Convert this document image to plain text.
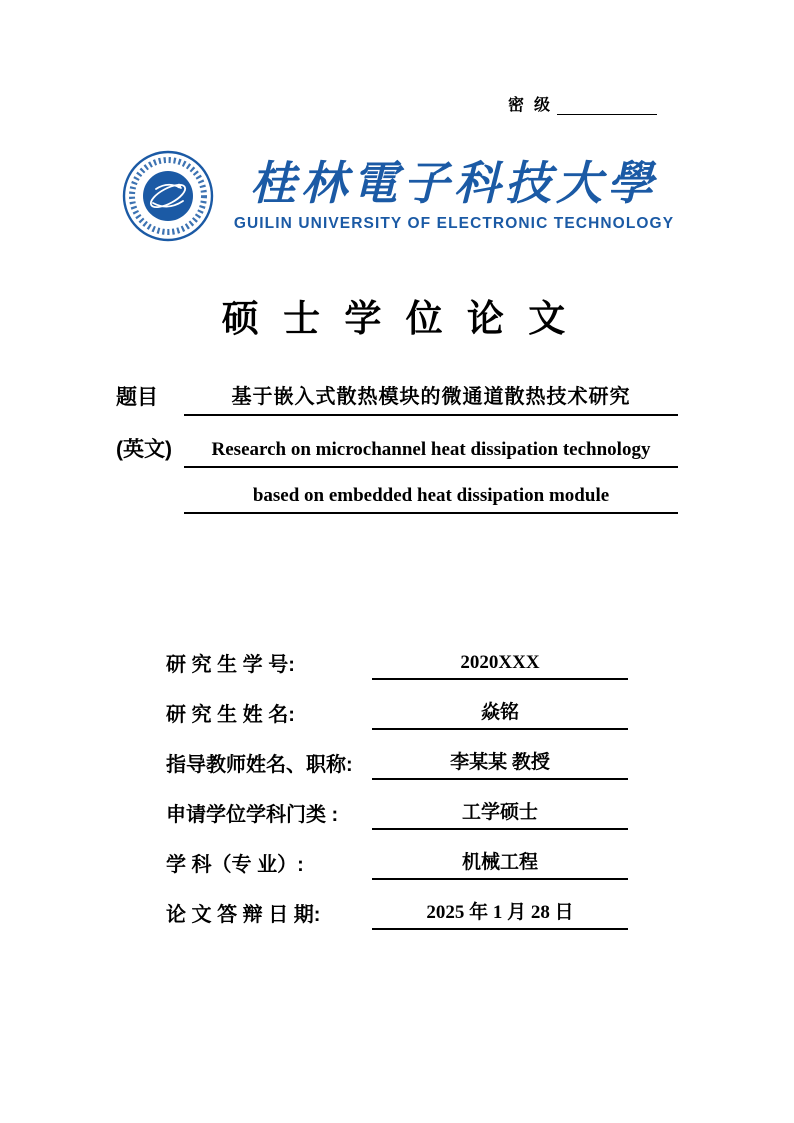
密 级
桂林電子科技大學
GUILIN UNIVERSITY OF ELECTRONIC TECHNOLOGY
硕 士 学 位 论 文
题目	基于嵌入式散热模块的微通道散热技术研究
(英文)	Research on microchannel heat dissipation technology
based on embedded heat dissipation module
研 究 生 学 号:	2020XXX
研 究 生 姓 名:	焱铭
指导教师姓名、职称:	李某某 教授
申请学位学科门类 :	工学硕士
学 科（专 业）:	机械工程
论 文 答 辩 日 期:	2025 年 1 月 28 日
